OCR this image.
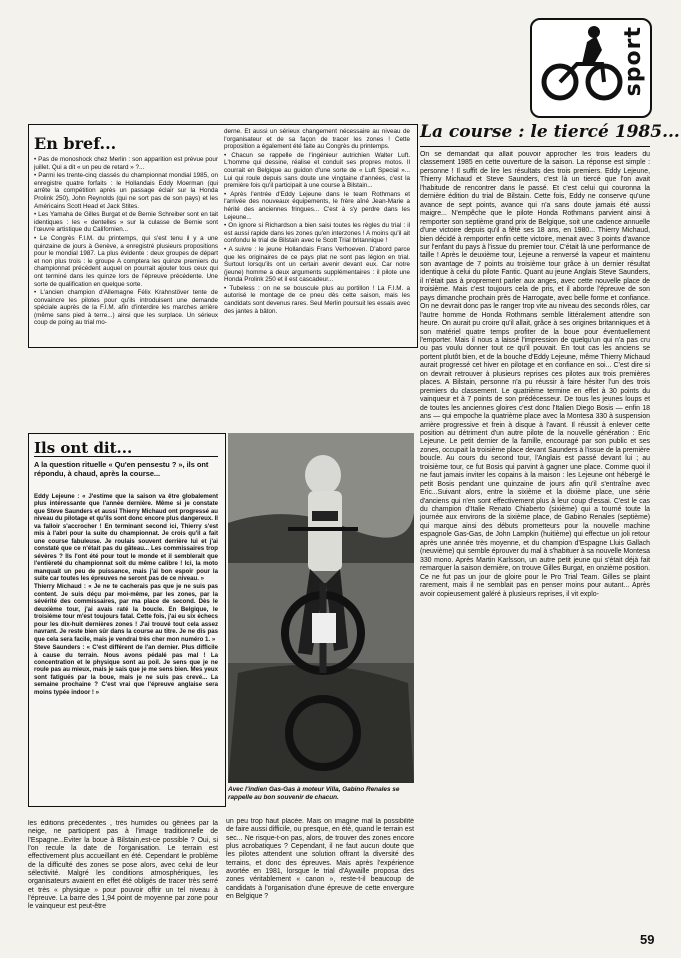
sport
En bref...

• Pas de monoshock chez Merlin : son apparition est prévue pour juillet. Qui a dit « un peu de retard » ?...

• Parmi les trente-cinq classés du championnat mondial 1985, on enregistre quatre forfaits : le Hollandais Eddy Moerman (qui arrête la compétition après un passage éclair sur la Honda Prolink 250), John Reynolds (qui ne sort pas de son pays) et les Américains Scott Head et Jack Stites.

• Les Yamaha de Gilles Burgat et de Bernie Schreiber sont en tait identiques : les « dentelles » sur la culasse de Bernie sont l'œuvre artistique du Californien...

• Le Congrès F.I.M. du printemps, qui s'est tenu il y a une quinzaine de jours à Genève, a enregistré plusieurs propositions pour le mondial 1987. La plus évidente : deux groupes de départ et non plus trois : le groupe A comptera les quinze premiers du championnat précédent auquel on pourrait ajouter tous ceux qui ont terminé dans les quinze lors de l'épreuve précédente. Une sorte de qualification en quelque sorte.

• L'ancien champion d'Allemagne Félix Krahnstöver tente de convaincre les pilotes pour qu'ils introduisent une demande spéciale auprès de la F.I.M. afin d'interdire les marches arrière (même sans pied à terre...) ainsi que les surplace. Un sérieux coup de poing au trial mo-

derne. Et aussi un sérieux changement nécessaire au niveau de l'organisateur et de sa façon de tracer les zones ! Cette proposition a également été faite au Congrès du printemps.

• Chacun se rappelle de l'ingénieur autrichien Walter Luft. L'homme qui dessine, réalise et conduit ses propres motos. Il courrait en Belgique au guidon d'une sorte de « Luft Special »... Lui qui roule depuis sans doute une vingtaine d'années, c'est la première fois qu'il participait à une course à Bilstain...

• Après l'entrée d'Eddy Lejeune dans le team Rothmans et l'arrivée des nouveaux équipements, le frère aîné Jean-Marie a hérité des anciennes fringues... C'est à s'y perdre dans les Lejeune...

• On ignore si Richardson a bien saisi toutes les règles du trial : il est aussi rapide dans les zones qu'en interzones ! A moins qu'il ait confondu le trial de Bilstain avec le Scott Trial britannique !

• A suivre : le jeune Hollandais Frans Verhoeven. D'abord parce que les originaires de ce pays plat ne sont pas légion en trial. Surtout lorsqu'ils ont un certain avenir devant eux. Car notre (jeune) homme a deux arguments supplémentaires : il pilote une Honda Prolink 250 et il est cascadeur...

• Tubeless : on ne se bouscule plus au portillon ! La F.I.M. a autorisé le montage de ce pneu dès cette saison, mais les candidats sont devenus rares. Seul Merlin poursuit les essais avec des jantes à bâton.

La course : le tiercé 1985...
On se demandait qui allait pouvoir approcher les trois leaders du classement 1985 en cette ouverture de la saison. La réponse est simple : personne ! Il suffit de lire les résultats des trois premiers. Eddy Lejeune, Thierry Michaud et Steve Saunders, c'est là un tiercé que l'on avait l'habitude de rencontrer dans le passé. Et c'est celui qui couronna la dernière édition du trial de Bilstain. Cette fois, Eddy ne conserve qu'une avance de sept points, avance qui n'a sans doute jamais été aussi maigre... N'empêche que le pilote Honda Rothmans parvient ainsi à remporter son septième grand prix de Belgique, soit une cadence annuelle d'une victoire depuis qu'il a fêté ses 18 ans, en 1980... Thierry Michaud, bien décidé à remporter enfin cette victoire, menait avec 3 points d'avance sur l'enfant du pays à l'issue du premier tour. C'était là une performance de taille ! Après le deuxième tour, Lejeune a renversé la vapeur et maintenu son avantage de 7 points au troisième tour grâce à un dernier résultat identique à celui du pilote Fantic. Quant au jeune Anglais Steve Saunders, il n'était pas à proprement parler aux anges, avec cette nouvelle place de troisième. Mais c'est toujours cela de pris, et il aborde l'épreuve de son pays dimanche prochain près de Harrogate, avec belle forme et confiance. On ne devrait donc pas le ranger trop vite au niveau des seconds rôles, car l'autre homme de Honda Rothmans semble littéralement attendre son heure. On aurait pu croire qu'il allait, grâce à ses origines britanniques et à son matériel quatre temps profiter de la boue pour éventuellement l'emporter. Mais il nous a laissé l'impression de quelqu'un qui n'a pas cru ou pas voulu donner tout ce qu'il pouvait. En tout cas les anciens se portent plutôt bien, et de la bouche d'Eddy Lejeune, même Thierry Michaud aurait progressé cet hiver en pilotage et en confiance en soi... C'est dire si on devrait retrouver à plusieurs reprises ces pilotes aux trois premières places. A Bilstain, personne n'a pu réussir à faire hésiter l'un des trois premiers du classement. Le quatrième termine en effet à 30 points du vainqueur et à 7 points de son prédécesseur. De tous les jeunes loups et de toutes les anciennes gloires c'est donc l'Italien Diego Bosis — enfin 18 ans — qui empoche la quatrième place avec la Montesa 330 à suspension arrière progressive et frein à disque à l'avant. Il réussit à enlever cette position au détriment d'un autre pilote de la nouvelle génération : Eric Lejeune. Le petit dernier de la famille, encouragé par son public et ses zones, occupait la troisième place devant Saunders à l'issue de la première boucle. Au cours du second tour, l'Anglais est passé devant lui ; au troisième tour, ce fut Bosis qui parvint à gagner une place. Comme quoi il ne faut jamais inviter les copains à la maison : les Lejeune ont hébergé le petit Bosis pendant une quinzaine de jours afin qu'il s'entraîne avec Eric...Suivant alors, entre la sixième et la dixième place, une série d'anciens qui n'en sont effectivement plus à leur coup d'essai. C'est le cas du champion d'Italie Renato Chiaberto (sixième) qui a tourné toute la journée aux environs de la sixième place, de Gabino Renales (septième) qui marque ainsi des débuts prometteurs pour la nouvelle machine espagnole Gas-Gas, de John Lampkin (huitième) qui effectue un joli retour après une année très moyenne, et du champion d'Espagne Lluis Gallach (neuvième) qui semble éprouver du mal à s'habituer à sa nouvelle Montesa 330 mono. Après Martin Karlsson, un autre petit jeune qui s'était déjà fait remarquer la saison dernière, on trouve Gilles Burgat, en onzième position. Ce ne fut pas un jour de gloire pour le Pro Trial Team. Gilles se plaint rarement, mais il ne semblait pas en penser moins pour autant... Après avoir copieusement galéré à plusieurs reprises, il vit explo-
Ils ont dit...
A la question rituelle « Qu'en pensestu ? », ils ont répondu, à chaud, après la course...

Eddy Lejeune : « J'estime que la saison va être globalement plus intéressante que l'année dernière. Même si je constate que Steve Saunders et aussi Thierry Michaud ont progressé au niveau du pilotage et qu'ils sont donc encore plus dangereux. Il va falloir s'accrocher ! En terminant second ici, Thierry s'est mis à l'abri pour la suite du championnat. Je crois qu'il a fait une course fabuleuse. Je roulais souvent derrière lui et j'ai constaté que ce n'était pas du gâteau... Les commissaires trop sévères ? Ils l'ont été pour tout le monde et il semblerait que l'entièreté du championnat soit du même calibre ! Ici, la moto manquait un peu de puissance, mais j'ai bon espoir pour la suite car toutes les épreuves ne seront pas de ce niveau. »

Thierry Michaud : « Je ne te cacherais pas que je ne suis pas content. Je suis déçu par moi-même, par les zones, par la sévérité des commissaires, par ma place de second. Dès le deuxième tour, j'ai avais raté la boucle. En Belgique, le troisième tour m'est toujours fatal. Cette fois, j'ai eu six échecs pour les dix-huit dernières zones ! J'ai trouvé tout cela assez navrant. Je reste bien sûr dans la course au titre. Je ne dis pas que cela sera facile, mais je vendrai très cher mon numéro 1. »

Steve Saunders : « C'est différent de l'an dernier. Plus difficile à cause du terrain. Nous avons pédalé pas mal ! La concentration et le physique sont au poil. Je sens que je ne roule pas au mieux, mais je sais que je me sens bien. Mes yeux sont fatigués par la boue, mais je ne suis pas crevé... La semaine prochaine ? C'est vrai que l'épreuve anglaise sera moins typée indoor ! »

Avec l'indien Gas-Gas à moteur Villa, Gabino Renales se rappelle au bon souvenir de chacun.
les éditions précédentes , très humides ou gênées par la neige, ne participent pas à l'image traditionnelle de l'Espagne...Eviter la boue à Bilstain,est-ce possible ? Oui, si l'on recule la date de l'organisation. Le terrain est effectivement plus accueillant en été. Cependant le problème de la difficulté des zones se pose alors, avec celui de leur sélectivité. Malgré les conditions atmosphériques, les organisateurs avaient en effet été obligés de tracer très serré et très « physique » pour pouvoir offrir un tel niveau à l'épreuve. La barre des 1,94 point de moyenne par zone pour le vainqueur est peut-être
un peu trop haut placée. Mais on imagine mal la possibilité de faire aussi difficile, ou presque, en été, quand le terrain est sec... Ne risque-t-on pas, alors, de trouver des zones encore plus acrobatiques ? Cependant, il ne faut aucun doute que les pilotes attendent une solution offrant la diversité des terrains, et donc des épreuves. Mais après l'expérience avortée en 1981, lorsque le trial d'Aywaille proposa des zones véritablement « canon », reste-t-il beaucoup de candidats à l'organisation d'une épreuve de cette envergure en Belgique ?
59
